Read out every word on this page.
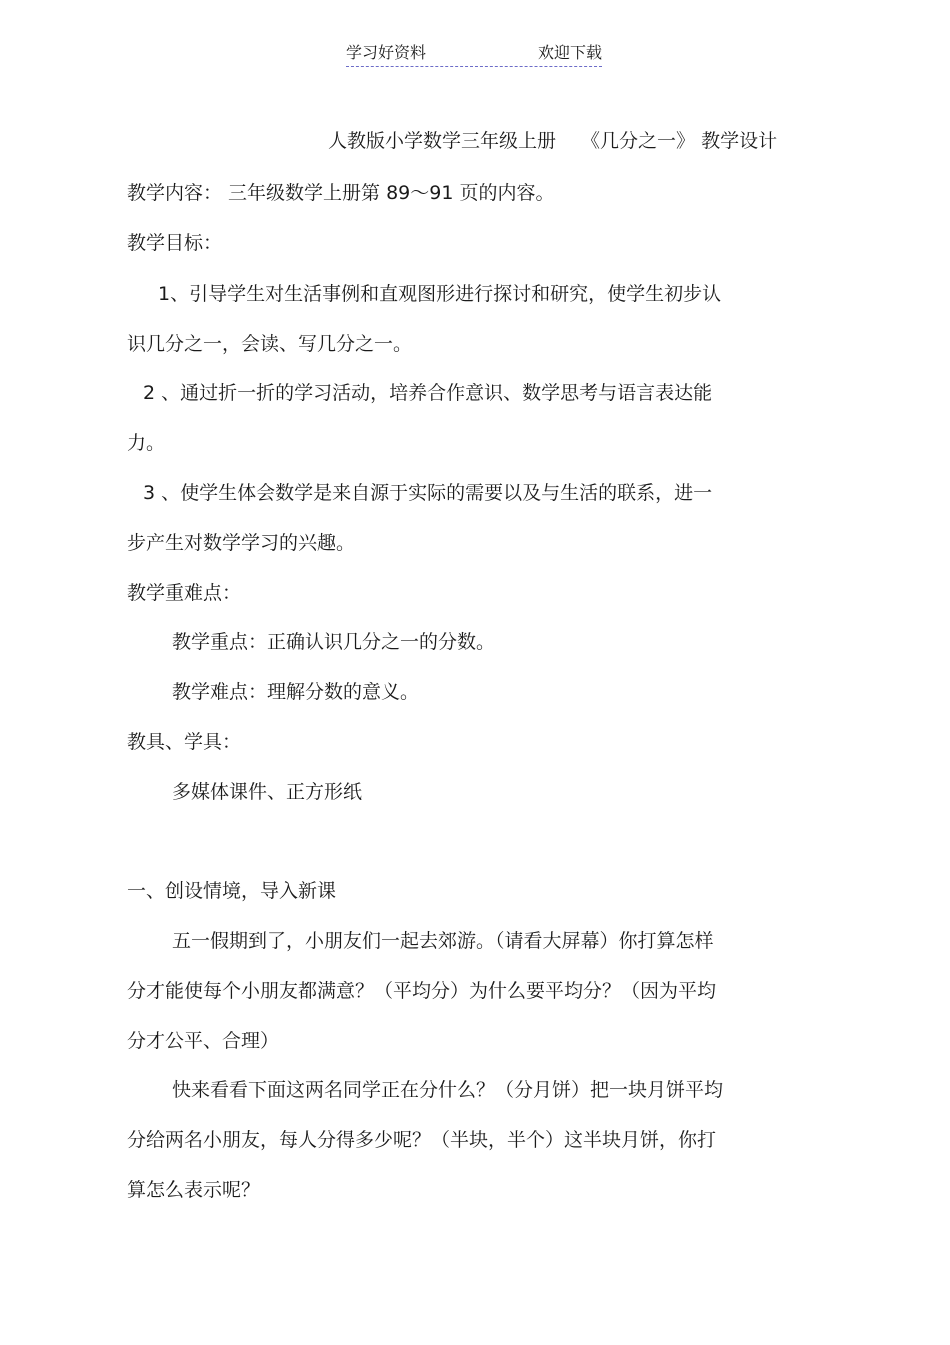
学习好资料	欢迎下载
人教版小学数学三年级上册　 《几分之一》 教学设计
教学内容： 三年级数学上册第 89～91 页的内容。
教学目标：
1、引导学生对生活事例和直观图形进行探讨和研究，使学生初步认
识几分之一，会读、写几分之一。
2 、通过折一折的学习活动，培养合作意识、数学思考与语言表达能
力。
3 、使学生体会数学是来自源于实际的需要以及与生活的联系，进一
步产生对数学学习的兴趣。
教学重难点：
教学重点：正确认识几分之一的分数。
教学难点：理解分数的意义。
教具、学具：
多媒体课件、正方形纸
一、创设情境，导入新课
五一假期到了，小朋友们一起去郊游。（请看大屏幕）你打算怎样
分才能使每个小朋友都满意？（平均分）为什么要平均分？（因为平均
分才公平、合理）
快来看看下面这两名同学正在分什么？（分月饼）把一块月饼平均
分给两名小朋友，每人分得多少呢？（半块，半个）这半块月饼，你打
算怎么表示呢？
